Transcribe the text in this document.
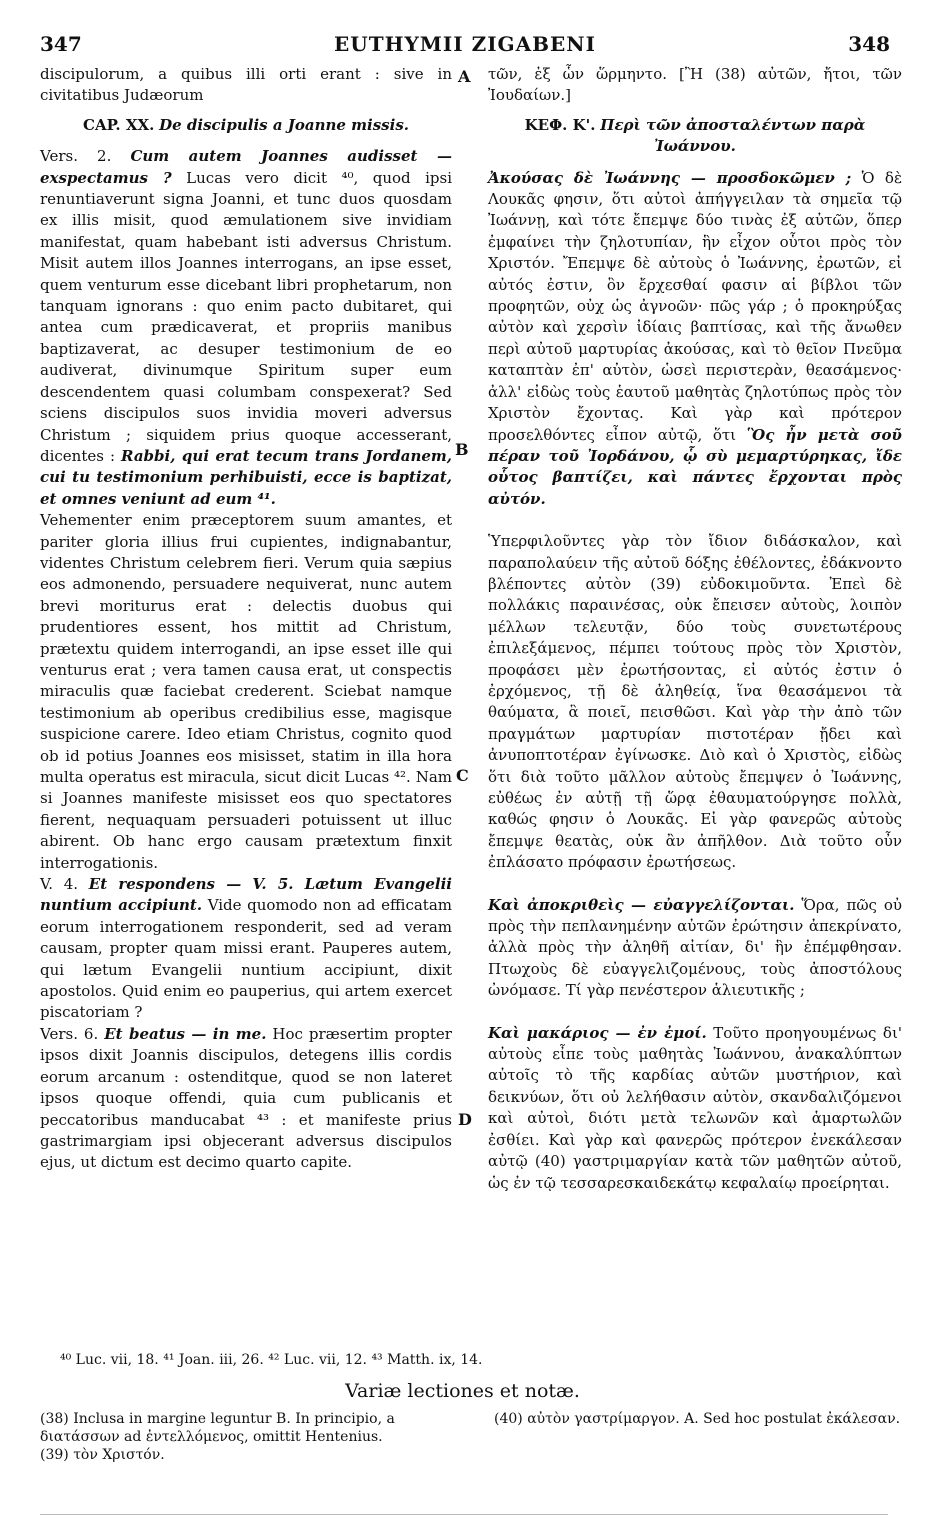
347	EUTHYMII ZIGABENI	348

discipulorum, a quibus illi orti erant : sive in civitatibus Judæorum

CAP. XX. De discipulis a Joanne missis.

Vers. 2. Cum autem Joannes audisset — exspectamus ? Lucas vero dicit ⁴⁰, quod ipsi renuntiaverunt signa Joanni, et tunc duos quosdam ex illis misit, quod æmulationem sive invidiam manifestat, quam habebant isti adversus Christum. Misit autem illos Joannes interrogans, an ipse esset, quem venturum esse dicebant libri prophetarum, non tanquam ignorans : quo enim pacto dubitaret, qui antea cum prædicaverat, et propriis manibus baptizaverat, ac desuper testimonium de eo audiverat, divinumque Spiritum super eum descendentem quasi columbam conspexerat? Sed sciens discipulos suos invidia moveri adversus Christum ; siquidem prius quoque accesserant, dicentes : Rabbi, qui erat tecum trans Jordanem, cui tu testimonium perhibuisti, ecce is baptizat, et omnes veniunt ad eum ⁴¹.

Vehementer enim præceptorem suum amantes, et pariter gloria illius frui cupientes, indignabantur, videntes Christum celebrem fieri. Verum quia sæpius eos admonendo, persuadere nequiverat, nunc autem brevi moriturus erat : delectis duobus qui prudentiores essent, hos mittit ad Christum, prætextu quidem interrogandi, an ipse esset ille qui venturus erat ; vera tamen causa erat, ut conspectis miraculis quæ faciebat crederent. Sciebat namque testimonium ab operibus credibilius esse, magisque suspicione carere. Ideo etiam Christus, cognito quod ob id potius Joannes eos misisset, statim in illa hora multa operatus est miracula, sicut dicit Lucas ⁴². Nam si Joannes manifeste misisset eos quo spectatores fierent, nequaquam persuaderi potuissent ut illuc abirent. Ob hanc ergo causam prætextum finxit interrogationis.

V. 4. Et respondens — V. 5. Lætum Evangelii nuntium accipiunt. Vide quomodo non ad efficatam eorum interrogationem responderit, sed ad veram causam, propter quam missi erant. Pauperes autem, qui lætum Evangelii nuntium accipiunt, dixit apostolos. Quid enim eo pauperius, qui artem exercet piscatoriam ?

Vers. 6. Et beatus — in me. Hoc præsertim propter ipsos dixit Joannis discipulos, detegens illis cordis eorum arcanum : ostenditque, quod se non lateret ipsos quoque offendi, quia cum publicanis et peccatoribus manducabat ⁴³ : et manifeste prius gastrimargiam ipsi objecerant adversus discipulos ejus, ut dictum est decimo quarto capite.

τῶν, ἐξ ὧν ὥρμηντο. [Ἢ (38) αὐτῶν, ἤτοι, τῶν Ἰουδαίων.]

ΚΕΦ. Κ'. Περὶ τῶν ἀποσταλέντων παρὰ Ἰωάννου.

Ἀκούσας δὲ Ἰωάννης — προσδοκῶμεν ; Ὁ δὲ Λουκᾶς φησιν, ὅτι αὐτοὶ ἀπήγγειλαν τὰ σημεῖα τῷ Ἰωάννῃ, καὶ τότε ἔπεμψε δύο τινὰς ἐξ αὐτῶν, ὅπερ ἐμφαίνει τὴν ζηλοτυπίαν, ἣν εἶχον οὗτοι πρὸς τὸν Χριστόν. Ἔπεμψε δὲ αὐτοὺς ὁ Ἰωάννης, ἐρωτῶν, εἰ αὐτός ἐστιν, ὃν ἔρχεσθαί φασιν αἱ βίβλοι τῶν προφητῶν, οὐχ ὡς ἀγνοῶν· πῶς γάρ ; ὁ προκηρύξας αὐτὸν καὶ χερσὶν ἰδίαις βαπτίσας, καὶ τῆς ἄνωθεν περὶ αὐτοῦ μαρτυρίας ἀκούσας, καὶ τὸ θεῖον Πνεῦμα καταπτὰν ἐπ' αὐτὸν, ὡσεὶ περιστερὰν, θεασάμενος· ἀλλ' εἰδὼς τοὺς ἑαυτοῦ μαθητὰς ζηλοτύπως πρὸς τὸν Χριστὸν ἔχοντας. Καὶ γὰρ καὶ πρότερον προσελθόντες εἶπον αὐτῷ, ὅτι Ὃς ἦν μετὰ σοῦ πέραν τοῦ Ἰορδάνου, ᾧ σὺ μεμαρτύρηκας, ἴδε οὗτος βαπτίζει, καὶ πάντες ἔρχονται πρὸς αὐτόν.

Ὑπερφιλοῦντες γὰρ τὸν ἴδιον διδάσκαλον, καὶ παραπολαύειν τῆς αὐτοῦ δόξης ἐθέλοντες, ἐδάκνοντο βλέποντες αὐτὸν (39) εὐδοκιμοῦντα. Ἐπεὶ δὲ πολλάκις παραινέσας, οὐκ ἔπεισεν αὐτοὺς, λοιπὸν μέλλων τελευτᾷν, δύο τοὺς συνετωτέρους ἐπιλεξάμενος, πέμπει τούτους πρὸς τὸν Χριστὸν, προφάσει μὲν ἐρωτήσοντας, εἰ αὐτός ἐστιν ὁ ἐρχόμενος, τῇ δὲ ἀληθείᾳ, ἵνα θεασάμενοι τὰ θαύματα, ἃ ποιεῖ, πεισθῶσι. Καὶ γὰρ τὴν ἀπὸ τῶν πραγμάτων μαρτυρίαν πιστοτέραν ᾔδει καὶ ἀνυποπτοτέραν ἐγίνωσκε. Διὸ καὶ ὁ Χριστὸς, εἰδὼς ὅτι διὰ τοῦτο μᾶλλον αὐτοὺς ἔπεμψεν ὁ Ἰωάννης, εὐθέως ἐν αὐτῇ τῇ ὥρᾳ ἐθαυματούργησε πολλὰ, καθώς φησιν ὁ Λουκᾶς. Εἰ γὰρ φανερῶς αὐτοὺς ἔπεμψε θεατὰς, οὐκ ἂν ἀπῆλθον. Διὰ τοῦτο οὖν ἐπλάσατο πρόφασιν ἐρωτήσεως.

Καὶ ἀποκριθεὶς — εὐαγγελίζονται. Ὅρα, πῶς οὐ πρὸς τὴν πεπλανημένην αὐτῶν ἐρώτησιν ἀπεκρίνατο, ἀλλὰ πρὸς τὴν ἀληθῆ αἰτίαν, δι' ἣν ἐπέμφθησαν. Πτωχοὺς δὲ εὐαγγελιζομένους, τοὺς ἀποστόλους ὠνόμασε. Τί γὰρ πενέστερον ἁλιευτικῆς ;

Καὶ μακάριος — ἐν ἐμοί. Τοῦτο προηγουμένως δι' αὐτοὺς εἶπε τοὺς μαθητὰς Ἰωάννου, ἀνακαλύπτων αὐτοῖς τὸ τῆς καρδίας αὐτῶν μυστήριον, καὶ δεικνύων, ὅτι οὐ λελήθασιν αὐτὸν, σκανδαλιζόμενοι καὶ αὐτοὶ, διότι μετὰ τελωνῶν καὶ ἁμαρτωλῶν ἐσθίει. Καὶ γὰρ καὶ φανερῶς πρότερον ἐνεκάλεσαν αὐτῷ (40) γαστριμαργίαν κατὰ τῶν μαθητῶν αὐτοῦ, ὡς ἐν τῷ τεσσαρεσκαιδεκάτῳ κεφαλαίῳ προείρηται.

A
B
C
D
⁴⁰ Luc. vii, 18. ⁴¹ Joan. iii, 26. ⁴² Luc. vii, 12. ⁴³ Matth. ix, 14.
Variæ lectiones et notæ.
(38) Inclusa in margine leguntur B. In principio, a διατάσσων ad ἐντελλόμενος, omittit Hentenius.
(39) τὸν Χριστόν.
(40) αὐτὸν γαστρίμαργον. A. Sed hoc postulat ἐκάλεσαν.
